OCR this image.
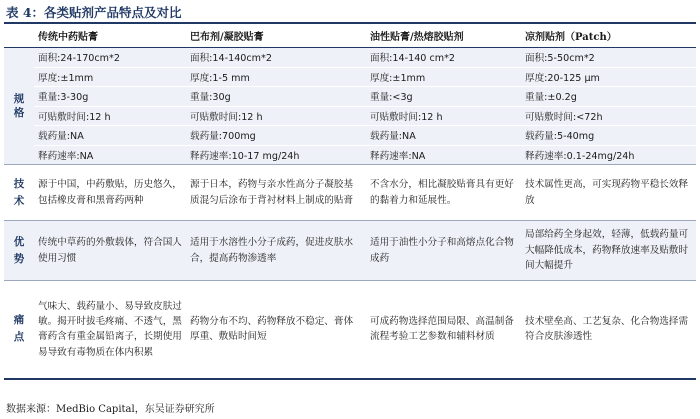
表 4：各类贴剂产品特点及对比
	传统中药贴膏	巴布剂/凝胶贴膏	油性贴膏/热熔胶贴剂	凉剂贴剂（Patch）
规
格	面积:24-170cm*2	面积:14-140cm*2	面积:14-140 cm*2	面积:5-50cm*2
	厚度:±1mm	厚度:1-5 mm	厚度:±1mm	厚度:20-125 μm
	重量:3-30g	重量:30g	重量:<3g	重量:±0.2g
	可贴敷时间:12 h	可贴敷时间:12 h	可贴敷时间:12 h	可贴敷时间:<72h
	载药量:NA	载药量:700mg	载药量:NA	载药量:5-40mg
	释药速率:NA	释药速率:10-17 mg/24h	释药速率:NA	释药速率:0.1-24mg/24h
技
术	源于中国，中药敷贴，历史悠久，包括橡皮膏和黑膏药两种	源于日本，药物与亲水性高分子凝胶基质混匀后涂布于背衬材料上制成的贴膏	不含水分，相比凝胶贴膏具有更好的黏着力和延展性。	技术属性更高，可实现药物平稳长效释放
优
势	传统中草药的外敷载体，符合国人使用习惯	适用于水溶性小分子成药，促进皮肤水合，提高药物渗透率	适用于油性小分子和高熔点化合物成药	局部给药全身起效，轻薄，低载药量可大幅降低成本，药物释放速率及贴敷时间大幅提升
痛
点	气味大、载药量小、易导致皮肤过敏。揭开时拔毛疼痛、不透气，黑膏药含有重金属铅离子，长期使用易导致有毒物质在体内积累	药物分布不均、药物释放不稳定、膏体厚重、敷贴时间短	可成药物选择范围局限、高温制备流程考验工艺参数和辅料材质	技术壁垒高、工艺复杂、化合物选择需符合皮肤渗透性
数据来源：MedBio Capital，东吴证券研究所
